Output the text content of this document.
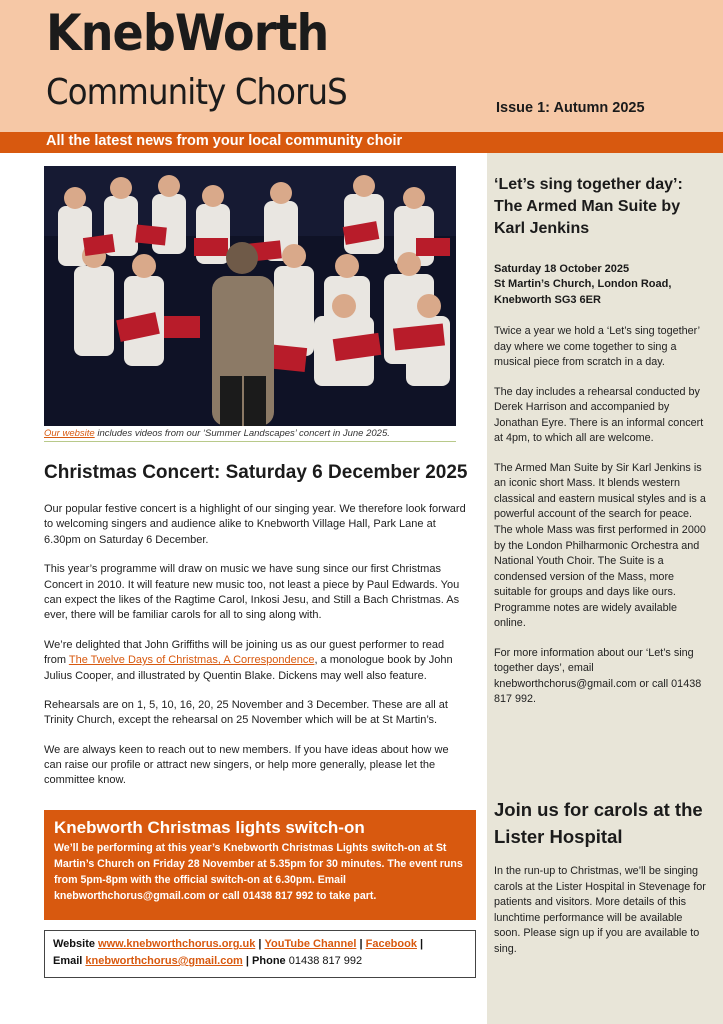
KnebWorth
Community ChoruS	Issue 1: Autumn 2025
All the latest news from your local community choir
Our website includes videos from our ‘Summer Landscapes’ concert in June 2025.
Christmas Concert: Saturday 6 December 2025

Our popular festive concert is a highlight of our singing year. We therefore look forward to welcoming singers and audience alike to Knebworth Village Hall, Park Lane at 6.30pm on Saturday 6 December.

This year’s programme will draw on music we have sung since our first Christmas Concert in 2010. It will feature new music too, not least a piece by Paul Edwards. You can expect the likes of the Ragtime Carol, Inkosi Jesu, and Still a Bach Christmas. As ever, there will be familiar carols for all to sing along with.

We’re delighted that John Griffiths will be joining us as our guest performer to read from The Twelve Days of Christmas, A Correspondence, a monologue book by John Julius Cooper, and illustrated by Quentin Blake. Dickens may well also feature.

Rehearsals are on 1, 5, 10, 16, 20, 25 November and 3 December. These are all at Trinity Church, except the rehearsal on 25 November which will be at St Martin’s.

We are always keen to reach out to new members. If you have ideas about how we can raise our profile or attract new singers, or help more generally, please let the committee know.

Knebworth Christmas lights switch-on

We’ll be performing at this year’s Knebworth Christmas Lights switch-on at St Martin’s Church on Friday 28 November at 5.35pm for 30 minutes. The event runs from 5pm-8pm with the official switch-on at 6.30pm. Email knebworthchorus@gmail.com or call 01438 817 992 to take part.

Website www.knebworthchorus.org.uk | YouTube Channel | Facebook |
Email knebworthchorus@gmail.com | Phone 01438 817 992
‘Let’s sing together day’: The Armed Man Suite by Karl Jenkins
Saturday 18 October 2025
St Martin’s Church, London Road, Knebworth SG3 6ER

Twice a year we hold a ‘Let’s sing together’ day where we come together to sing a musical piece from scratch in a day.

The day includes a rehearsal conducted by Derek Harrison and accompanied by Jonathan Eyre. There is an informal concert at 4pm, to which all are welcome.

The Armed Man Suite by Sir Karl Jenkins is an iconic short Mass. It blends western classical and eastern musical styles and is a powerful account of the search for peace. The whole Mass was first performed in 2000 by the London Philharmonic Orchestra and National Youth Choir. The Suite is a condensed version of the Mass, more suitable for groups and days like ours. Programme notes are widely available online.

For more information about our ‘Let’s sing together days’, email knebworthchorus@gmail.com or call 01438 817 992.

Join us for carols at the Lister Hospital

In the run-up to Christmas, we’ll be singing carols at the Lister Hospital in Stevenage for patients and visitors. More details of this lunchtime performance will be available soon. Please sign up if you are available to sing.
